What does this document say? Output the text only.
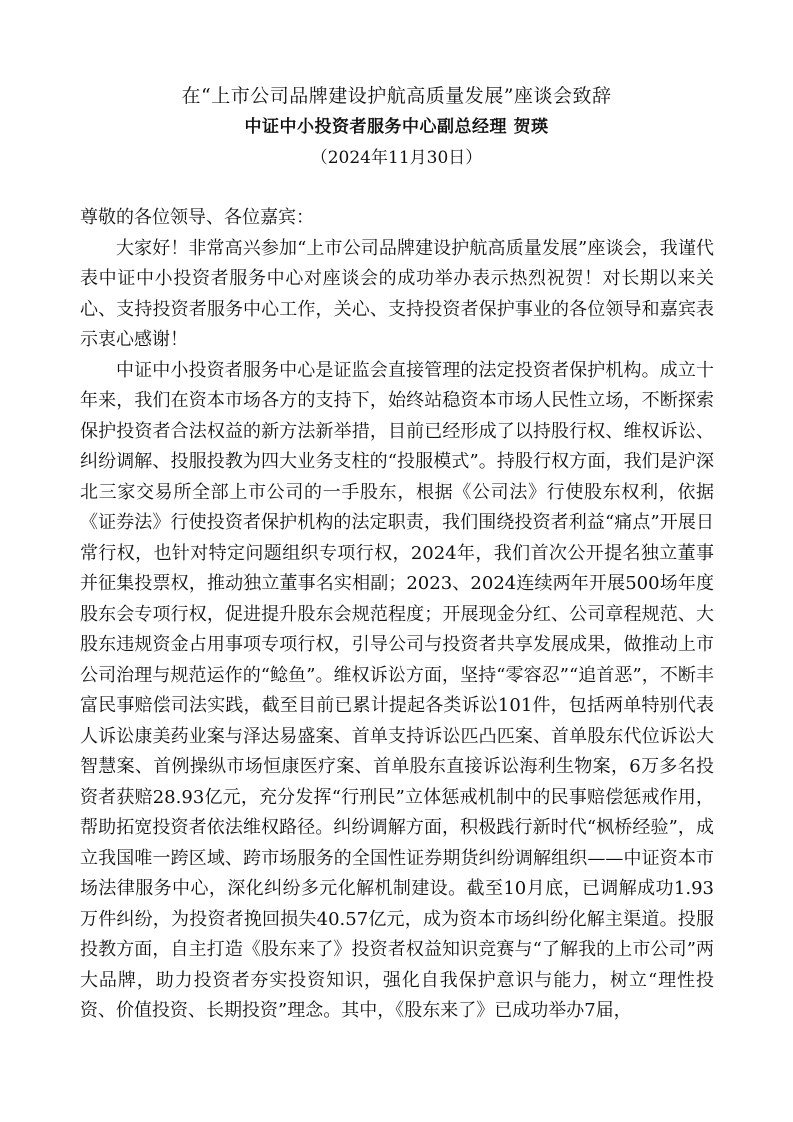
在“上市公司品牌建设护航高质量发展”座谈会致辞
中证中小投资者服务中心副总经理 贺瑛
（2024年11月30日）

尊敬的各位领导、各位嘉宾：

大家好！非常高兴参加“上市公司品牌建设护航高质量发展”座谈会，我谨代表中证中小投资者服务中心对座谈会的成功举办表示热烈祝贺！对长期以来关心、支持投资者服务中心工作，关心、支持投资者保护事业的各位领导和嘉宾表示衷心感谢！

中证中小投资者服务中心是证监会直接管理的法定投资者保护机构。成立十年来，我们在资本市场各方的支持下，始终站稳资本市场人民性立场，不断探索保护投资者合法权益的新方法新举措，目前已经形成了以持股行权、维权诉讼、纠纷调解、投服投教为四大业务支柱的“投服模式”。持股行权方面，我们是沪深北三家交易所全部上市公司的一手股东，根据《公司法》行使股东权利，依据《证券法》行使投资者保护机构的法定职责，我们围绕投资者利益“痛点”开展日常行权，也针对特定问题组织专项行权，2024年，我们首次公开提名独立董事并征集投票权，推动独立董事名实相副；2023、2024连续两年开展500场年度股东会专项行权，促进提升股东会规范程度；开展现金分红、公司章程规范、大股东违规资金占用事项专项行权，引导公司与投资者共享发展成果，做推动上市公司治理与规范运作的“鲶鱼”。维权诉讼方面，坚持“零容忍”“追首恶”，不断丰富民事赔偿司法实践，截至目前已累计提起各类诉讼101件，包括两单特别代表人诉讼康美药业案与泽达易盛案、首单支持诉讼匹凸匹案、首单股东代位诉讼大智慧案、首例操纵市场恒康医疗案、首单股东直接诉讼海利生物案，6万多名投资者获赔28.93亿元，充分发挥“行刑民”立体惩戒机制中的民事赔偿惩戒作用，帮助拓宽投资者依法维权路径。纠纷调解方面，积极践行新时代“枫桥经验”，成立我国唯一跨区域、跨市场服务的全国性证券期货纠纷调解组织——中证资本市场法律服务中心，深化纠纷多元化解机制建设。截至10月底，已调解成功1.93万件纠纷，为投资者挽回损失40.57亿元，成为资本市场纠纷化解主渠道。投服投教方面，自主打造《股东来了》投资者权益知识竞赛与“了解我的上市公司”两大品牌，助力投资者夯实投资知识，强化自我保护意识与能力，树立“理性投资、价值投资、长期投资”理念。其中，《股东来了》已成功举办7届，
